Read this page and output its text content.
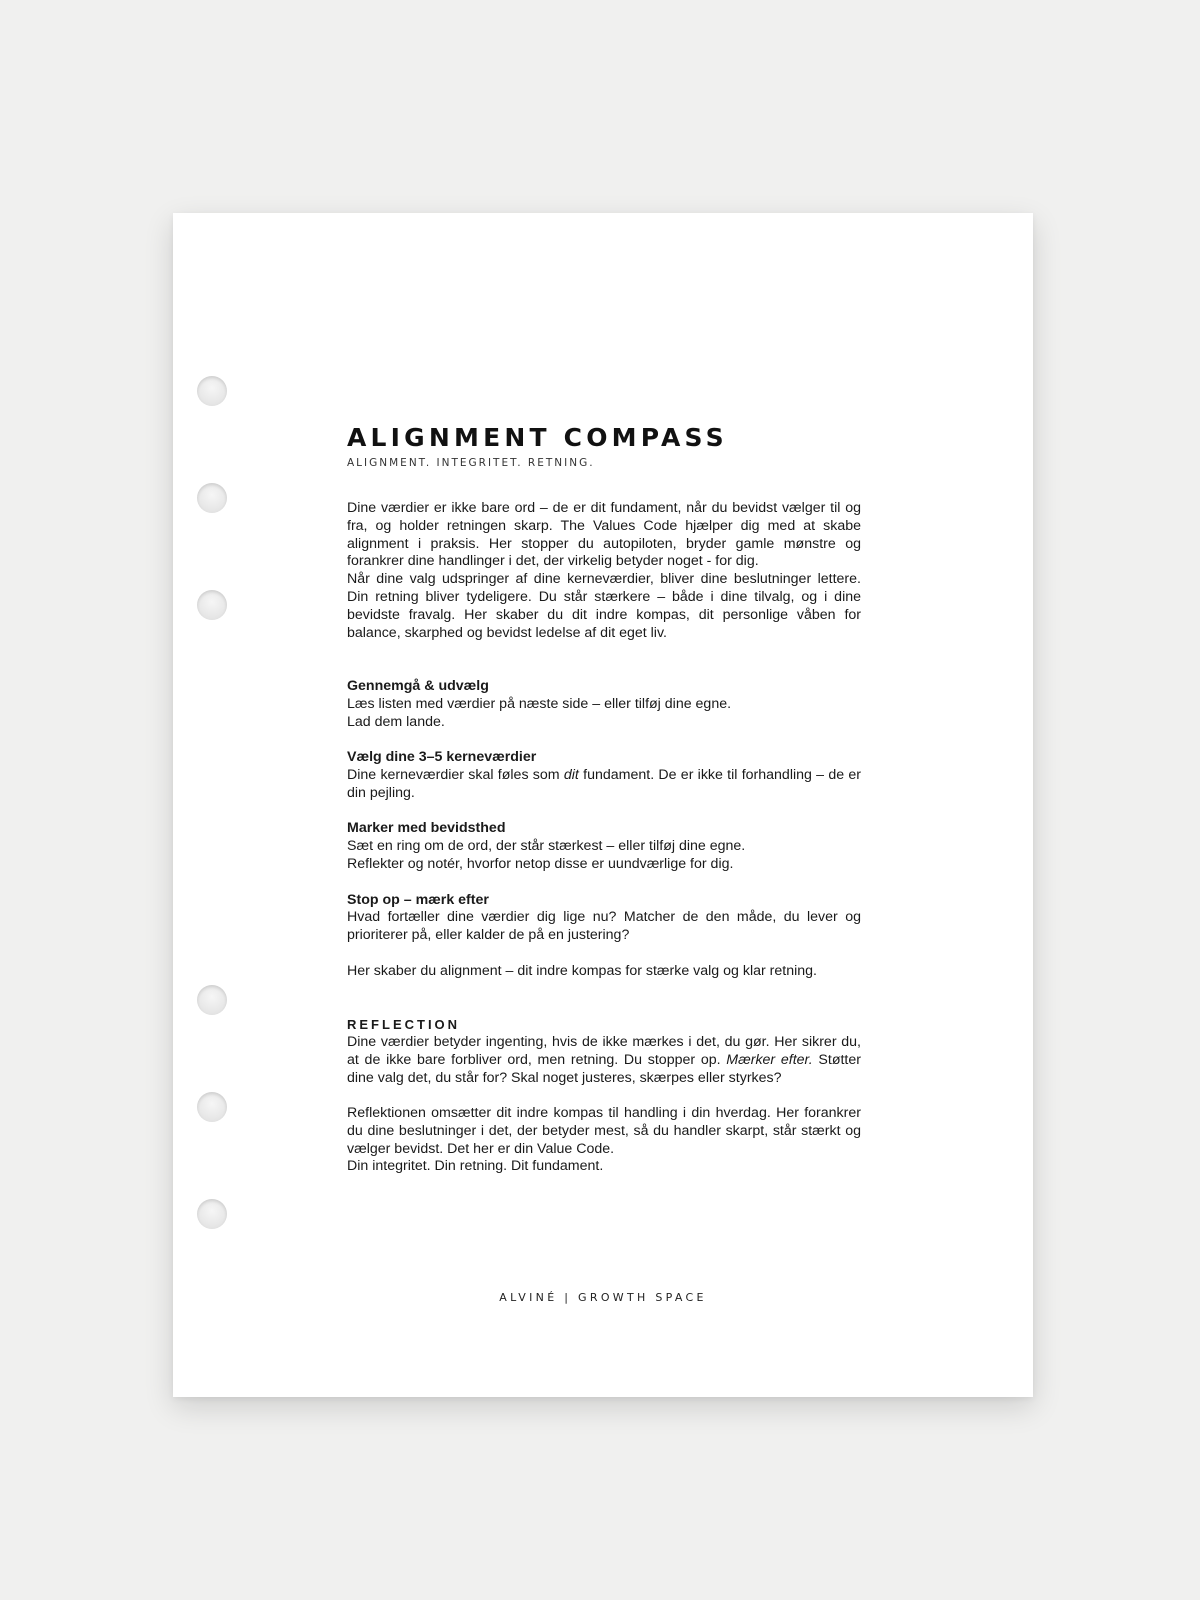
ALIGNMENT COMPASS
ALIGNMENT. INTEGRITET. RETNING.

Dine værdier er ikke bare ord – de er dit fundament, når du bevidst vælger til og fra, og holder retningen skarp. The Values Code hjælper dig med at skabe alignment i praksis. Her stopper du autopiloten, bryder gamle mønstre og forankrer dine handlinger i det, der virkelig betyder noget - for dig.

Når dine valg udspringer af dine kerneværdier, bliver dine beslutninger lettere. Din retning bliver tydeligere. Du står stærkere – både i dine tilvalg, og i dine bevidste fravalg. Her skaber du dit indre kompas, dit personlige våben for balance, skarphed og bevidst ledelse af dit eget liv.

Gennemgå & udvælg

Læs listen med værdier på næste side – eller tilføj dine egne.

Lad dem lande.

Vælg dine 3–5 kerneværdier

Dine kerneværdier skal føles som dit fundament. De er ikke til forhandling – de er din pejling.

Marker med bevidsthed

Sæt en ring om de ord, der står stærkest – eller tilføj dine egne.

Reflekter og notér, hvorfor netop disse er uundværlige for dig.

Stop op – mærk efter

Hvad fortæller dine værdier dig lige nu? Matcher de den måde, du lever og prioriterer på, eller kalder de på en justering?

Her skaber du alignment – dit indre kompas for stærke valg og klar retning.

REFLECTION

Dine værdier betyder ingenting, hvis de ikke mærkes i det, du gør. Her sikrer du, at de ikke bare forbliver ord, men retning. Du stopper op. Mærker efter. Støtter dine valg det, du står for? Skal noget justeres, skærpes eller styrkes?

Reflektionen omsætter dit indre kompas til handling i din hverdag. Her forankrer du dine beslutninger i det, der betyder mest, så du handler skarpt, står stærkt og vælger bevidst. Det her er din Value Code.

Din integritet. Din retning. Dit fundament.

ALVINÉ | GROWTH SPACE
